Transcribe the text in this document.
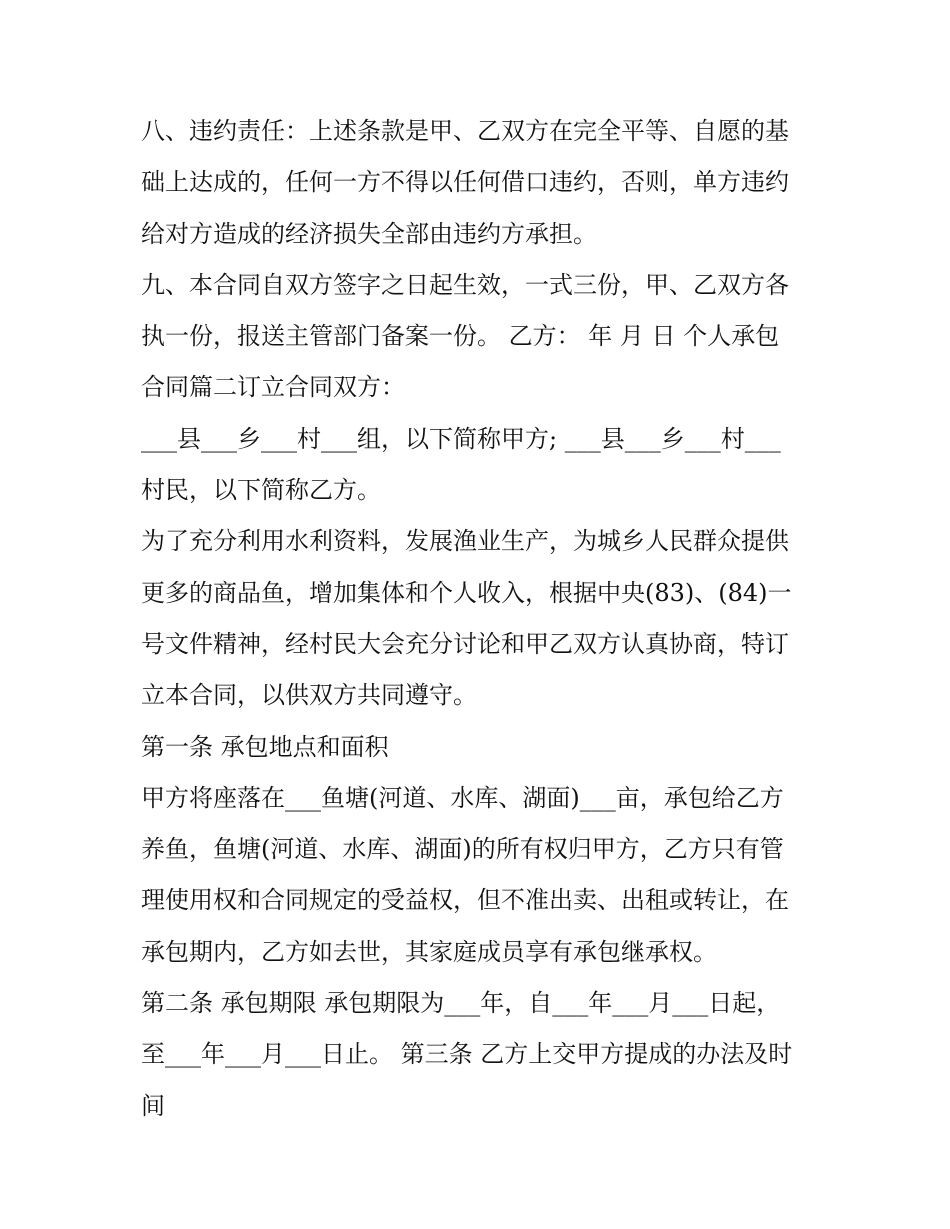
八、违约责任：上述条款是甲、乙双方在完全平等、自愿的基
础上达成的，任何一方不得以任何借口违约，否则，单方违约
给对方造成的经济损失全部由违约方承担。
九、本合同自双方签字之日起生效，一式三份，甲、乙双方各
执一份，报送主管部门备案一份。 乙方： 年 月 日 个人承包
合同篇二订立合同双方：
___县___乡___村___组，以下简称甲方; ___县___乡___村___
村民，以下简称乙方。
为了充分利用水利资料，发展渔业生产，为城乡人民群众提供
更多的商品鱼，增加集体和个人收入，根据中央(83)、(84)一
号文件精神，经村民大会充分讨论和甲乙双方认真协商，特订
立本合同，以供双方共同遵守。
第一条 承包地点和面积
甲方将座落在___鱼塘(河道、水库、湖面)___亩，承包给乙方
养鱼，鱼塘(河道、水库、湖面)的所有权归甲方，乙方只有管
理使用权和合同规定的受益权，但不准出卖、出租或转让，在
承包期内，乙方如去世，其家庭成员享有承包继承权。
第二条 承包期限 承包期限为___年，自___年___月___日起，
至___年___月___日止。 第三条 乙方上交甲方提成的办法及时
间
